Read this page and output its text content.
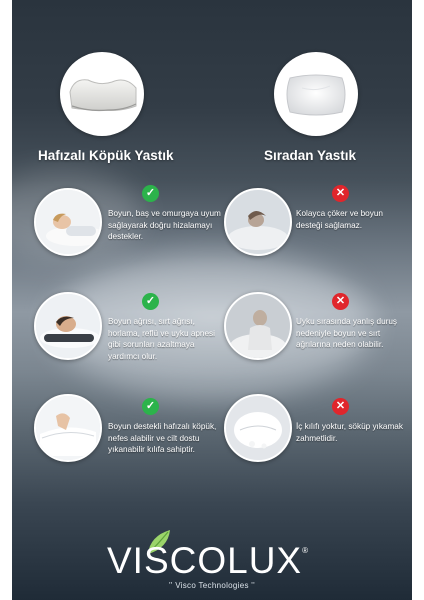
Hafızalı Köpük Yastık	Sıradan Yastık
✓	✕
Boyun, baş ve omurgaya uyum sağlayarak doğru hizalamayı destekler.
Kolayca çöker ve boyun desteği sağlamaz.
✓	✕
Boyun ağrısı, sırt ağrısı, horlama, reflü ve uyku apnesi gibi sorunları azaltmaya yardımcı olur.
Uyku sırasında yanlış duruş nedeniyle boyun ve sırt ağrılarına neden olabilir.
✓	✕
Boyun destekli hafızalı köpük, nefes alabilir ve cilt dostu yıkanabilir kılıfa sahiptir.
İç kılıfı yoktur, söküp yıkamak zahmetlidir.
VISCOLUX®
'' Visco Technologies ''
